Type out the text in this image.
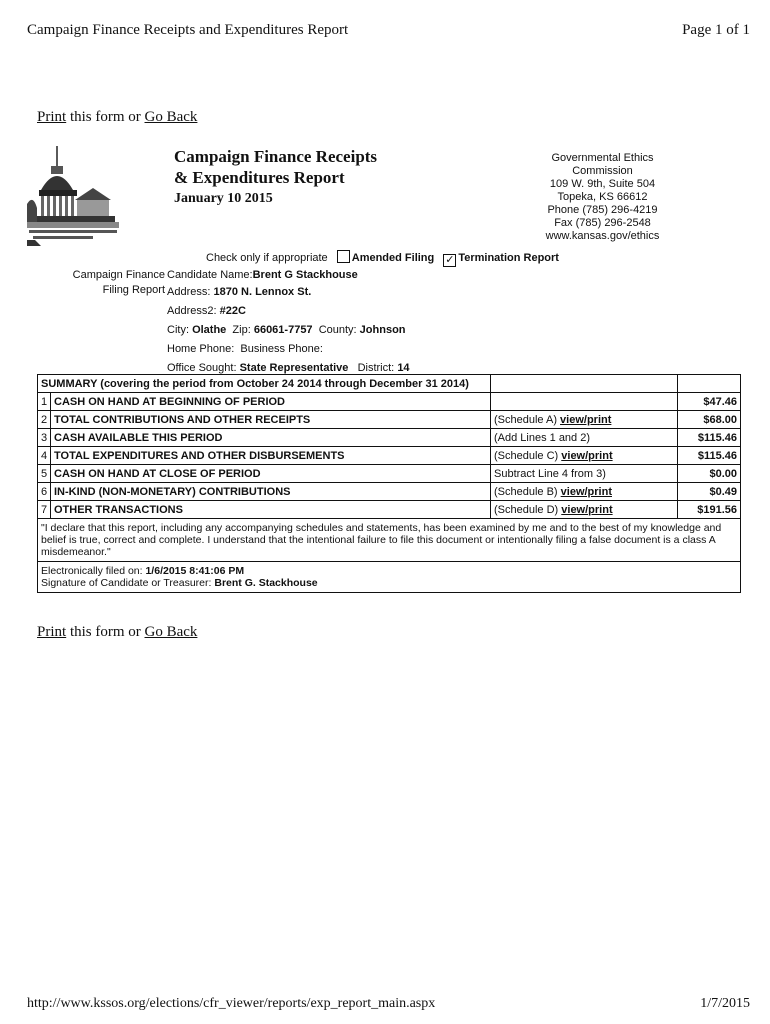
Campaign Finance Receipts and Expenditures Report	Page 1 of 1
Print this form or Go Back
Campaign Finance Receipts
& Expenditures Report
January 10 2015
Governmental Ethics Commission
109 W. 9th, Suite 504
Topeka, KS 66612
Phone (785) 296-4219
Fax (785) 296-2548
www.kansas.gov/ethics
Check only if appropriate Amended Filing ✓ Termination Report
Campaign Finance
Filing Report
Candidate Name:Brent G Stackhouse
Address: 1870 N. Lennox St.
Address2: #22C
City: Olathe Zip: 66061-7757 County: Johnson
Home Phone: Business Phone:
Office Sought: State Representative District: 14
SUMMARY (covering the period from October 24 2014 through December 31 2014)			
1	CASH ON HAND AT BEGINNING OF PERIOD		$47.46
2	TOTAL CONTRIBUTIONS AND OTHER RECEIPTS	(Schedule A) view/print	$68.00
3	CASH AVAILABLE THIS PERIOD	(Add Lines 1 and 2)	$115.46
4	TOTAL EXPENDITURES AND OTHER DISBURSEMENTS	(Schedule C) view/print	$115.46
5	CASH ON HAND AT CLOSE OF PERIOD	Subtract Line 4 from 3)	$0.00
6	IN-KIND (NON-MONETARY) CONTRIBUTIONS	(Schedule B) view/print	$0.49
7	OTHER TRANSACTIONS	(Schedule D) view/print	$191.56
"I declare that this report, including any accompanying schedules and statements, has been examined by me and to the best of my knowledge and belief is true, correct and complete. I understand that the intentional failure to file this document or intentionally filing a false document is a class A misdemeanor."			

Electronically filed on: 1/6/2015 8:41:06 PM
Signature of Candidate or Treasurer: Brent G. Stackhouse			
Print this form or Go Back
http://www.kssos.org/elections/cfr_viewer/reports/exp_report_main.aspx	1/7/2015
